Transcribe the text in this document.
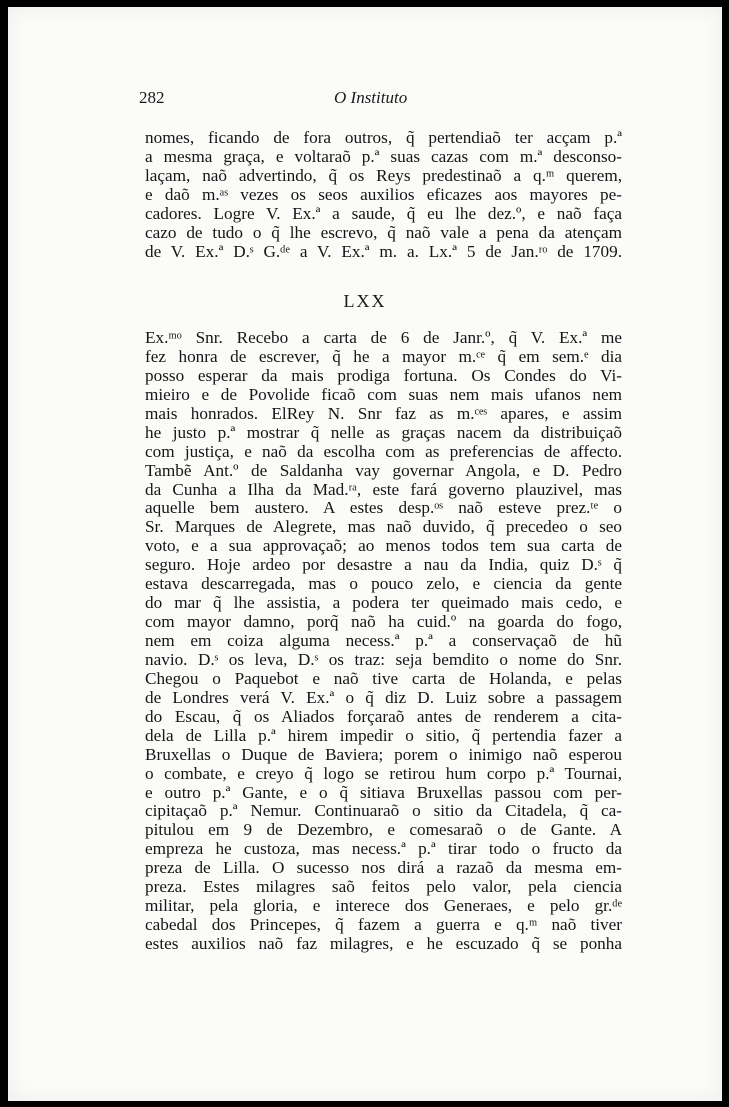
282	O Instituto
nomes, ficando de fora outros, q̃ pertendiaõ ter acçam p.ª
a mesma graça, e voltaraõ p.ª suas cazas com m.ª desconso-
laçam, naõ advertindo, q̃ os Reys predestinaõ a q.ᵐ querem,
e daõ m.ᵃˢ vezes os seos auxilios eficazes aos mayores pe-
cadores. Logre V. Ex.ª a saude, q̃ eu lhe dez.º, e naõ faça
cazo de tudo o q̃ lhe escrevo, q̃ naõ vale a pena da atençam
de V. Ex.ª D.ˢ G.ᵈᵉ a V. Ex.ª m. a. Lx.ª 5 de Jan.ʳᵒ de 1709.
LXX
Ex.ᵐᵒ Snr. Recebo a carta de 6 de Janr.º, q̃ V. Ex.ª me
fez honra de escrever, q̃ he a mayor m.ᶜᵉ q̃ em sem.ᵉ dia
posso esperar da mais prodiga fortuna. Os Condes do Vi-
mieiro e de Povolide ficaõ com suas nem mais ufanos nem
mais honrados. ElRey N. Snr faz as m.ᶜᵉˢ apares, e assim
he justo p.ª mostrar q̃ nelle as graças nacem da distribuiçaõ
com justiça, e naõ da escolha com as preferencias de affecto.
Tambẽ Ant.º de Saldanha vay governar Angola, e D. Pedro
da Cunha a Ilha da Mad.ʳᵃ, este fará governo plauzivel, mas
aquelle bem austero. A estes desp.ᵒˢ naõ esteve prez.ᵗᵉ o
Sr. Marques de Alegrete, mas naõ duvido, q̃ precedeo o seo
voto, e a sua approvaçaõ; ao menos todos tem sua carta de
seguro. Hoje ardeo por desastre a nau da India, quiz D.ˢ q̃
estava descarregada, mas o pouco zelo, e ciencia da gente
do mar q̃ lhe assistia, a podera ter queimado mais cedo, e
com mayor damno, porq̃ naõ ha cuid.º na goarda do fogo,
nem em coiza alguma necess.ª p.ª a conservaçaõ de hũ
navio. D.ˢ os leva, D.ˢ os traz: seja bemdito o nome do Snr.
Chegou o Paquebot e naõ tive carta de Holanda, e pelas
de Londres verá V. Ex.ª o q̃ diz D. Luiz sobre a passagem
do Escau, q̃ os Aliados forçaraõ antes de renderem a cita-
dela de Lilla p.ª hirem impedir o sitio, q̃ pertendia fazer a
Bruxellas o Duque de Baviera; porem o inimigo naõ esperou
o combate, e creyo q̃ logo se retirou hum corpo p.ª Tournai,
e outro p.ª Gante, e o q̃ sitiava Bruxellas passou com per-
cipitaçaõ p.ª Nemur. Continuaraõ o sitio da Citadela, q̃ ca-
pitulou em 9 de Dezembro, e comesaraõ o de Gante. A
empreza he custoza, mas necess.ª p.ª tirar todo o fructo da
preza de Lilla. O sucesso nos dirá a razaõ da mesma em-
preza. Estes milagres saõ feitos pelo valor, pela ciencia
militar, pela gloria, e interece dos Generaes, e pelo gr.ᵈᵉ
cabedal dos Princepes, q̃ fazem a guerra e q.ᵐ naõ tiver
estes auxilios naõ faz milagres, e he escuzado q̃ se ponha
